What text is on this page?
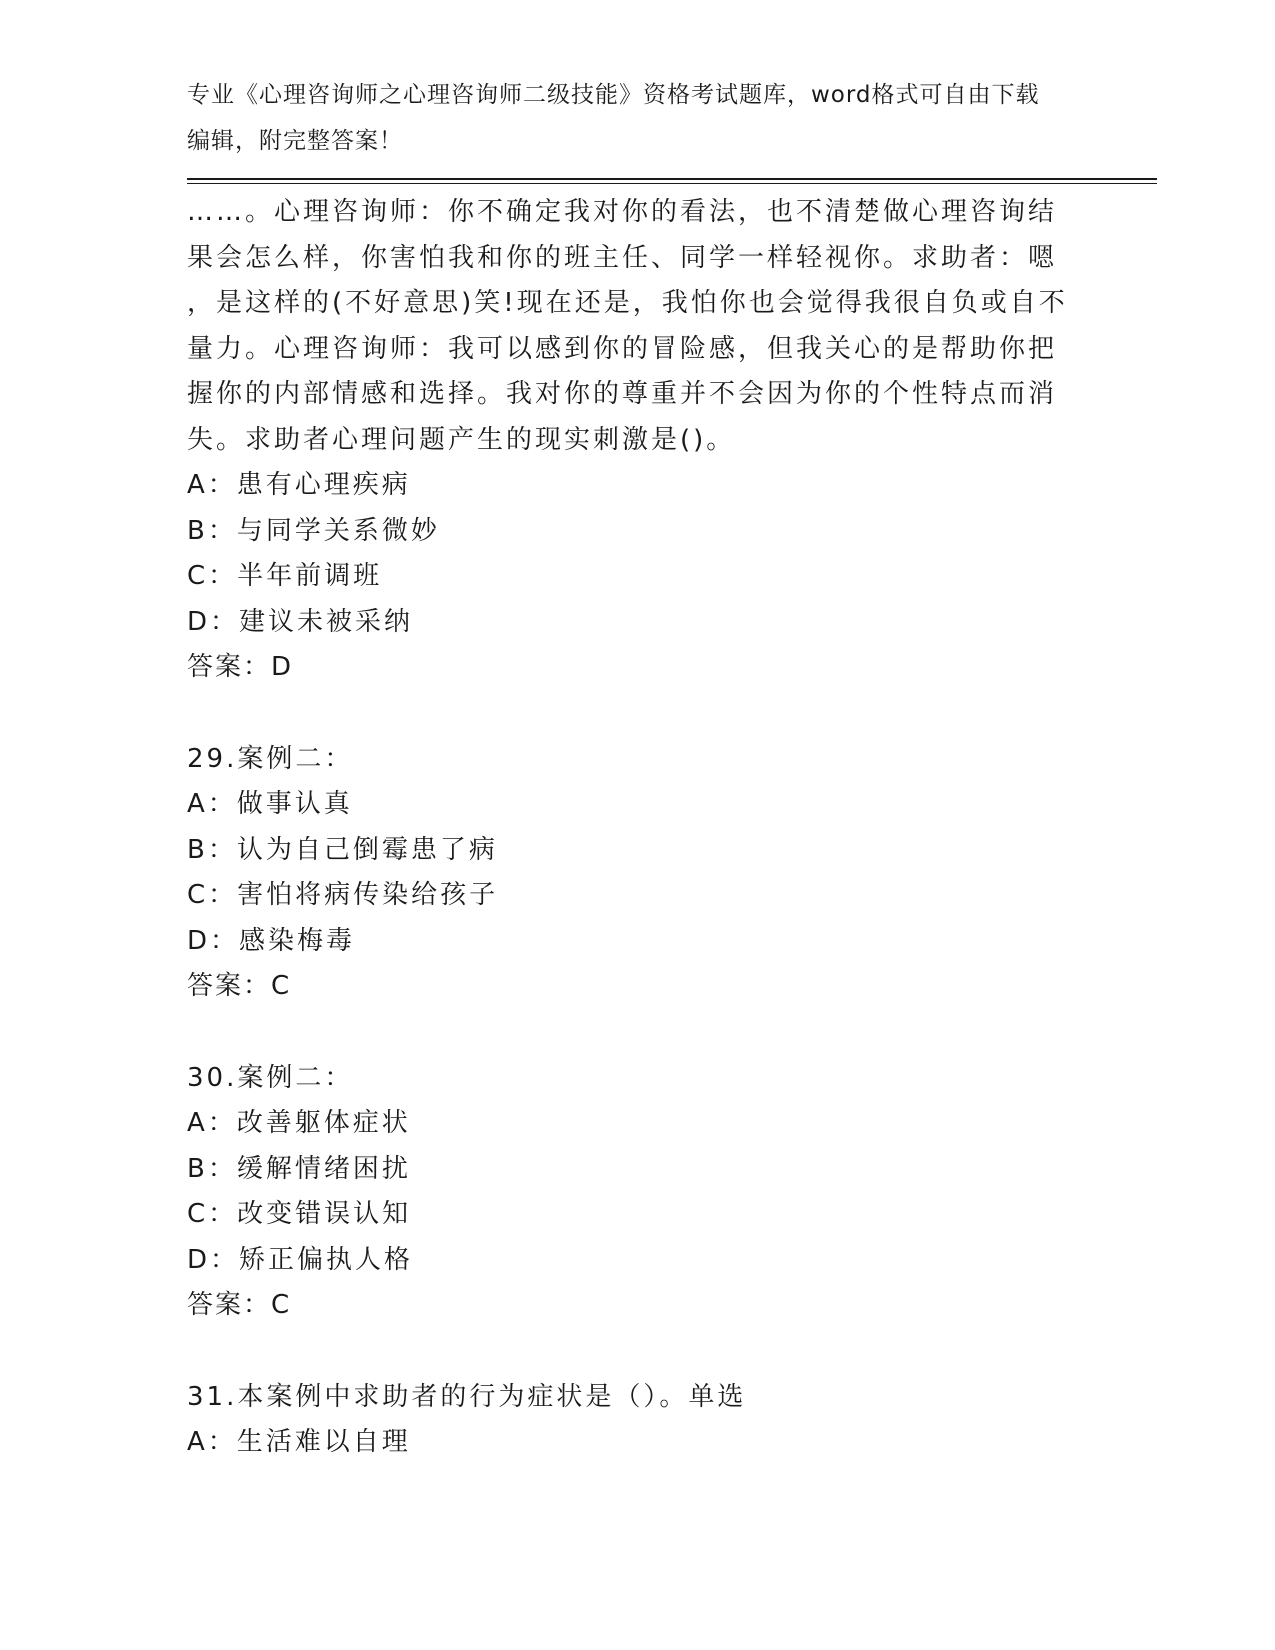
专业《心理咨询师之心理咨询师二级技能》资格考试题库，word格式可自由下载
编辑，附完整答案！
……。心理咨询师：你不确定我对你的看法，也不清楚做心理咨询结
果会怎么样，你害怕我和你的班主任、同学一样轻视你。求助者：嗯
，是这样的(不好意思)笑!现在还是，我怕你也会觉得我很自负或自不
量力。心理咨询师：我可以感到你的冒险感，但我关心的是帮助你把
握你的内部情感和选择。我对你的尊重并不会因为你的个性特点而消
失。求助者心理问题产生的现实刺激是()。
A：患有心理疾病
B：与同学关系微妙
C：半年前调班
D：建议未被采纳
答案：D
29.案例二：
A：做事认真
B：认为自己倒霉患了病
C：害怕将病传染给孩子
D：感染梅毒
答案：C
30.案例二：
A：改善躯体症状
B：缓解情绪困扰
C：改变错误认知
D：矫正偏执人格
答案：C
31.本案例中求助者的行为症状是（）。单选
A：生活难以自理
